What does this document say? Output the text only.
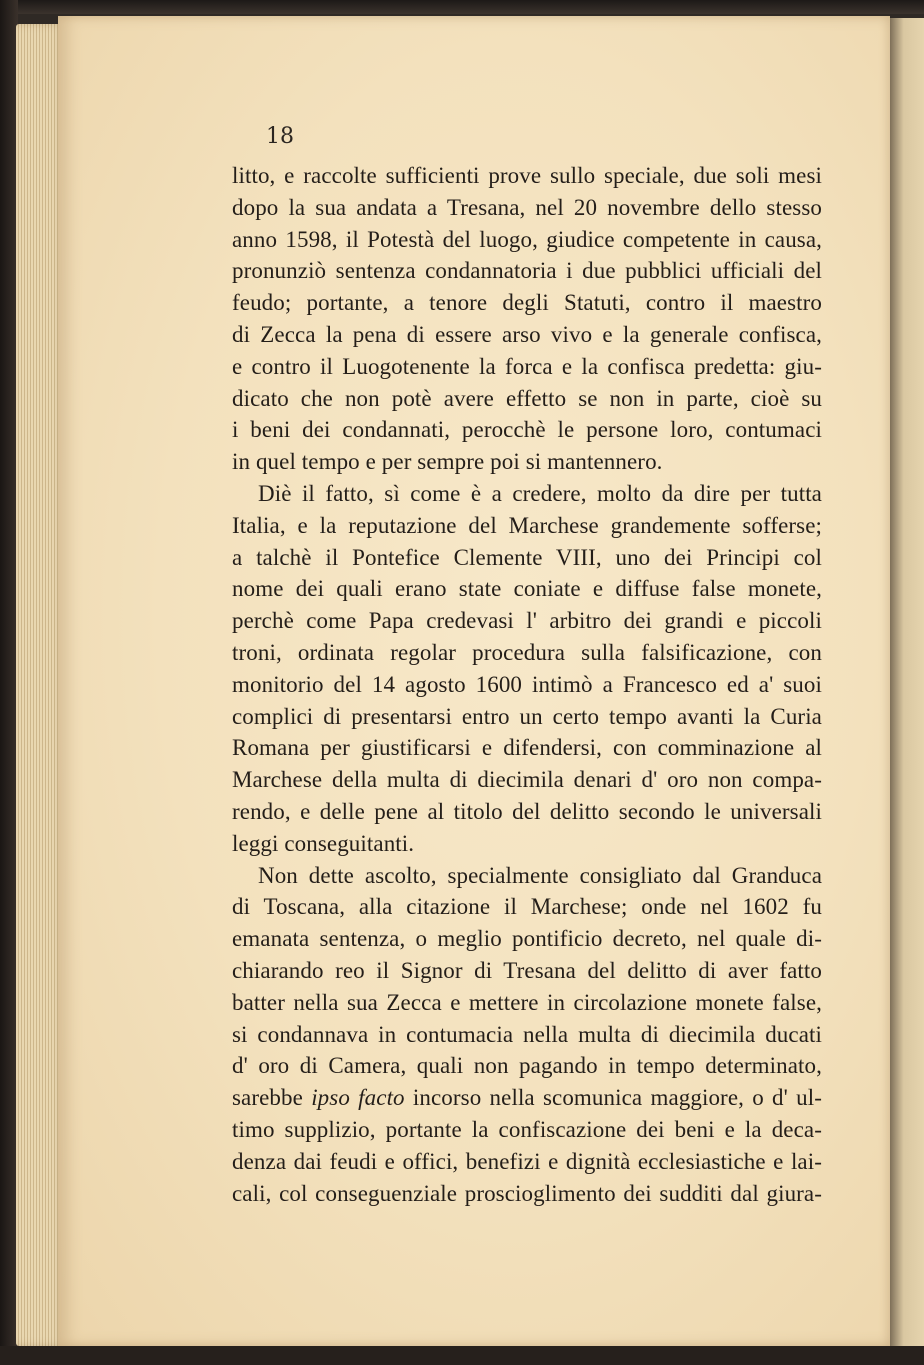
18

litto, e raccolte sufficienti prove sullo speciale, due soli mesi
dopo la sua andata a Tresana, nel 20 novembre dello stesso
anno 1598, il Potestà del luogo, giudice competente in causa,
pronunziò sentenza condannatoria i due pubblici ufficiali del
feudo; portante, a tenore degli Statuti, contro il maestro
di Zecca la pena di essere arso vivo e la generale confisca,
e contro il Luogotenente la forca e la confisca predetta: giu-
dicato che non potè avere effetto se non in parte, cioè su
i beni dei condannati, perocchè le persone loro, contumaci
in quel tempo e per sempre poi si mantennero.
Diè il fatto, sì come è a credere, molto da dire per tutta
Italia, e la reputazione del Marchese grandemente sofferse;
a talchè il Pontefice Clemente VIII, uno dei Principi col
nome dei quali erano state coniate e diffuse false monete,
perchè come Papa credevasi l' arbitro dei grandi e piccoli
troni, ordinata regolar procedura sulla falsificazione, con
monitorio del 14 agosto 1600 intimò a Francesco ed a' suoi
complici di presentarsi entro un certo tempo avanti la Curia
Romana per giustificarsi e difendersi, con comminazione al
Marchese della multa di diecimila denari d' oro non compa-
rendo, e delle pene al titolo del delitto secondo le universali
leggi conseguitanti.
Non dette ascolto, specialmente consigliato dal Granduca
di Toscana, alla citazione il Marchese; onde nel 1602 fu
emanata sentenza, o meglio pontificio decreto, nel quale di-
chiarando reo il Signor di Tresana del delitto di aver fatto
batter nella sua Zecca e mettere in circolazione monete false,
si condannava in contumacia nella multa di diecimila ducati
d' oro di Camera, quali non pagando in tempo determinato,
sarebbe ipso facto incorso nella scomunica maggiore, o d' ul-
timo supplizio, portante la confiscazione dei beni e la deca-
denza dai feudi e offici, benefizi e dignità ecclesiastiche e lai-
cali, col conseguenziale proscioglimento dei sudditi dal giura-
